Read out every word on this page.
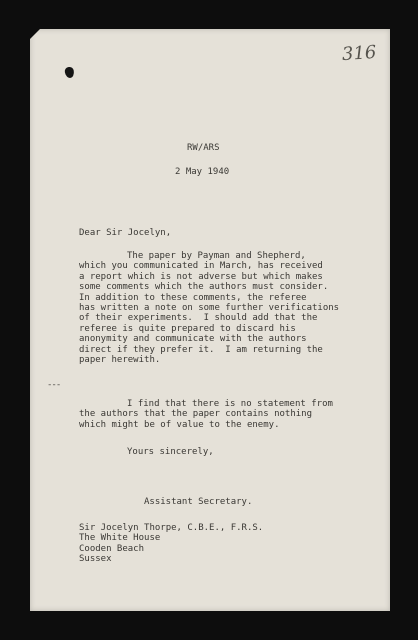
316
RW/ARS
2 May 1940
Dear Sir Jocelyn,
The paper by Payman and Shepherd,
which you communicated in March, has received
a report which is not adverse but which makes
some comments which the authors must consider.
In addition to these comments, the referee
has written a note on some further verifications
of their experiments.  I should add that the
referee is quite prepared to discard his
anonymity and communicate with the authors
direct if they prefer it.  I am returning the
paper herewith.
---
I find that there is no statement from
the authors that the paper contains nothing
which might be of value to the enemy.
Yours sincerely,
Assistant Secretary.
Sir Jocelyn Thorpe, C.B.E., F.R.S.
The White House
Cooden Beach
Sussex
